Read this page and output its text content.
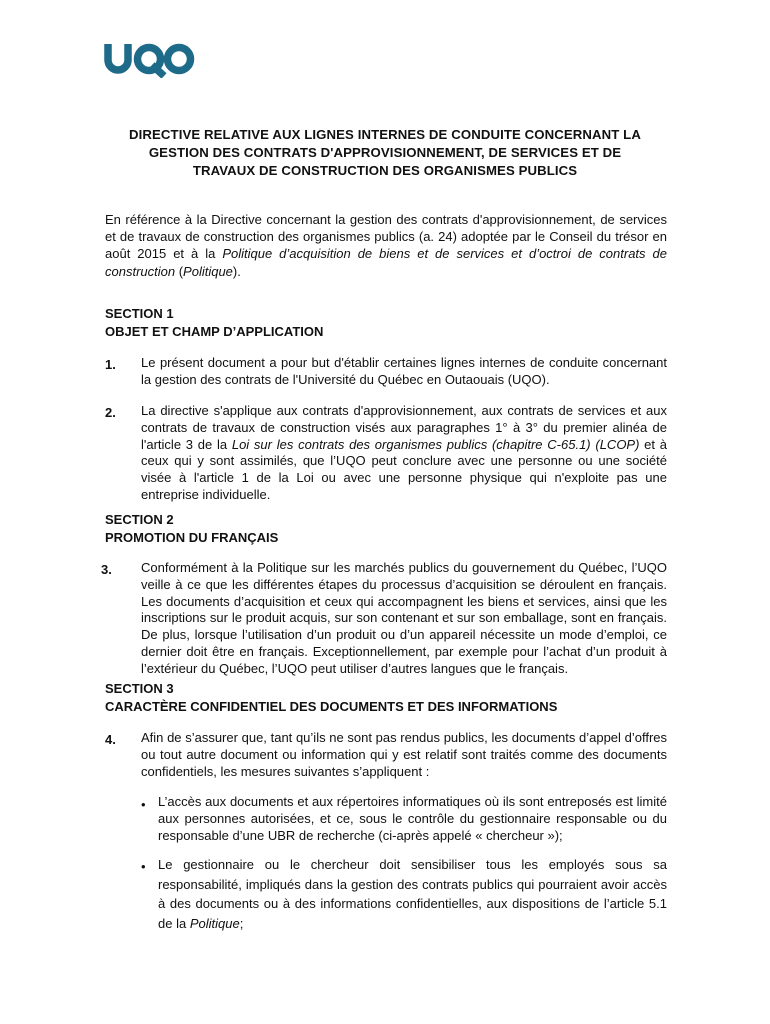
DIRECTIVE RELATIVE AUX LIGNES INTERNES DE CONDUITE CONCERNANT LA
GESTION DES CONTRATS D'APPROVISIONNEMENT, DE SERVICES ET DE
TRAVAUX DE CONSTRUCTION DES ORGANISMES PUBLICS
En référence à la Directive concernant la gestion des contrats d'approvisionnement, de services et de travaux de construction des organismes publics (a. 24) adoptée par le Conseil du trésor en août 2015 et à la Politique d’acquisition de biens et de services et d’octroi de contrats de construction (Politique).
SECTION 1
OBJET ET CHAMP D’APPLICATION
1. Le présent document a pour but d'établir certaines lignes internes de conduite concernant la gestion des contrats de l'Université du Québec en Outaouais (UQO).
2. La directive s'applique aux contrats d'approvisionnement, aux contrats de services et aux contrats de travaux de construction visés aux paragraphes 1° à 3° du premier alinéa de l'article 3 de la Loi sur les contrats des organismes publics (chapitre C-65.1) (LCOP) et à ceux qui y sont assimilés, que l’UQO peut conclure avec une personne ou une société visée à l'article 1 de la Loi ou avec une personne physique qui n'exploite pas une entreprise individuelle.
SECTION 2
PROMOTION DU FRANÇAIS
3. Conformément à la Politique sur les marchés publics du gouvernement du Québec, l’UQO veille à ce que les différentes étapes du processus d’acquisition se déroulent en français. Les documents d’acquisition et ceux qui accompagnent les biens et services, ainsi que les inscriptions sur le produit acquis, sur son contenant et sur son emballage, sont en français. De plus, lorsque l’utilisation d’un produit ou d’un appareil nécessite un mode d’emploi, ce dernier doit être en français. Exceptionnellement, par exemple pour l’achat d’un produit à l’extérieur du Québec, l’UQO peut utiliser d’autres langues que le français.
SECTION 3
CARACTÈRE CONFIDENTIEL DES DOCUMENTS ET DES INFORMATIONS
4. Afin de s’assurer que, tant qu’ils ne sont pas rendus publics, les documents d’appel d’offres ou tout autre document ou information qui y est relatif sont traités comme des documents confidentiels, les mesures suivantes s’appliquent :
• L’accès aux documents et aux répertoires informatiques où ils sont entreposés est limité aux personnes autorisées, et ce, sous le contrôle du gestionnaire responsable ou du responsable d’une UBR de recherche (ci-après appelé « chercheur »);
• Le gestionnaire ou le chercheur doit sensibiliser tous les employés sous sa responsabilité, impliqués dans la gestion des contrats publics qui pourraient avoir accès à des documents ou à des informations confidentielles, aux dispositions de l’article 5.1 de la Politique;
